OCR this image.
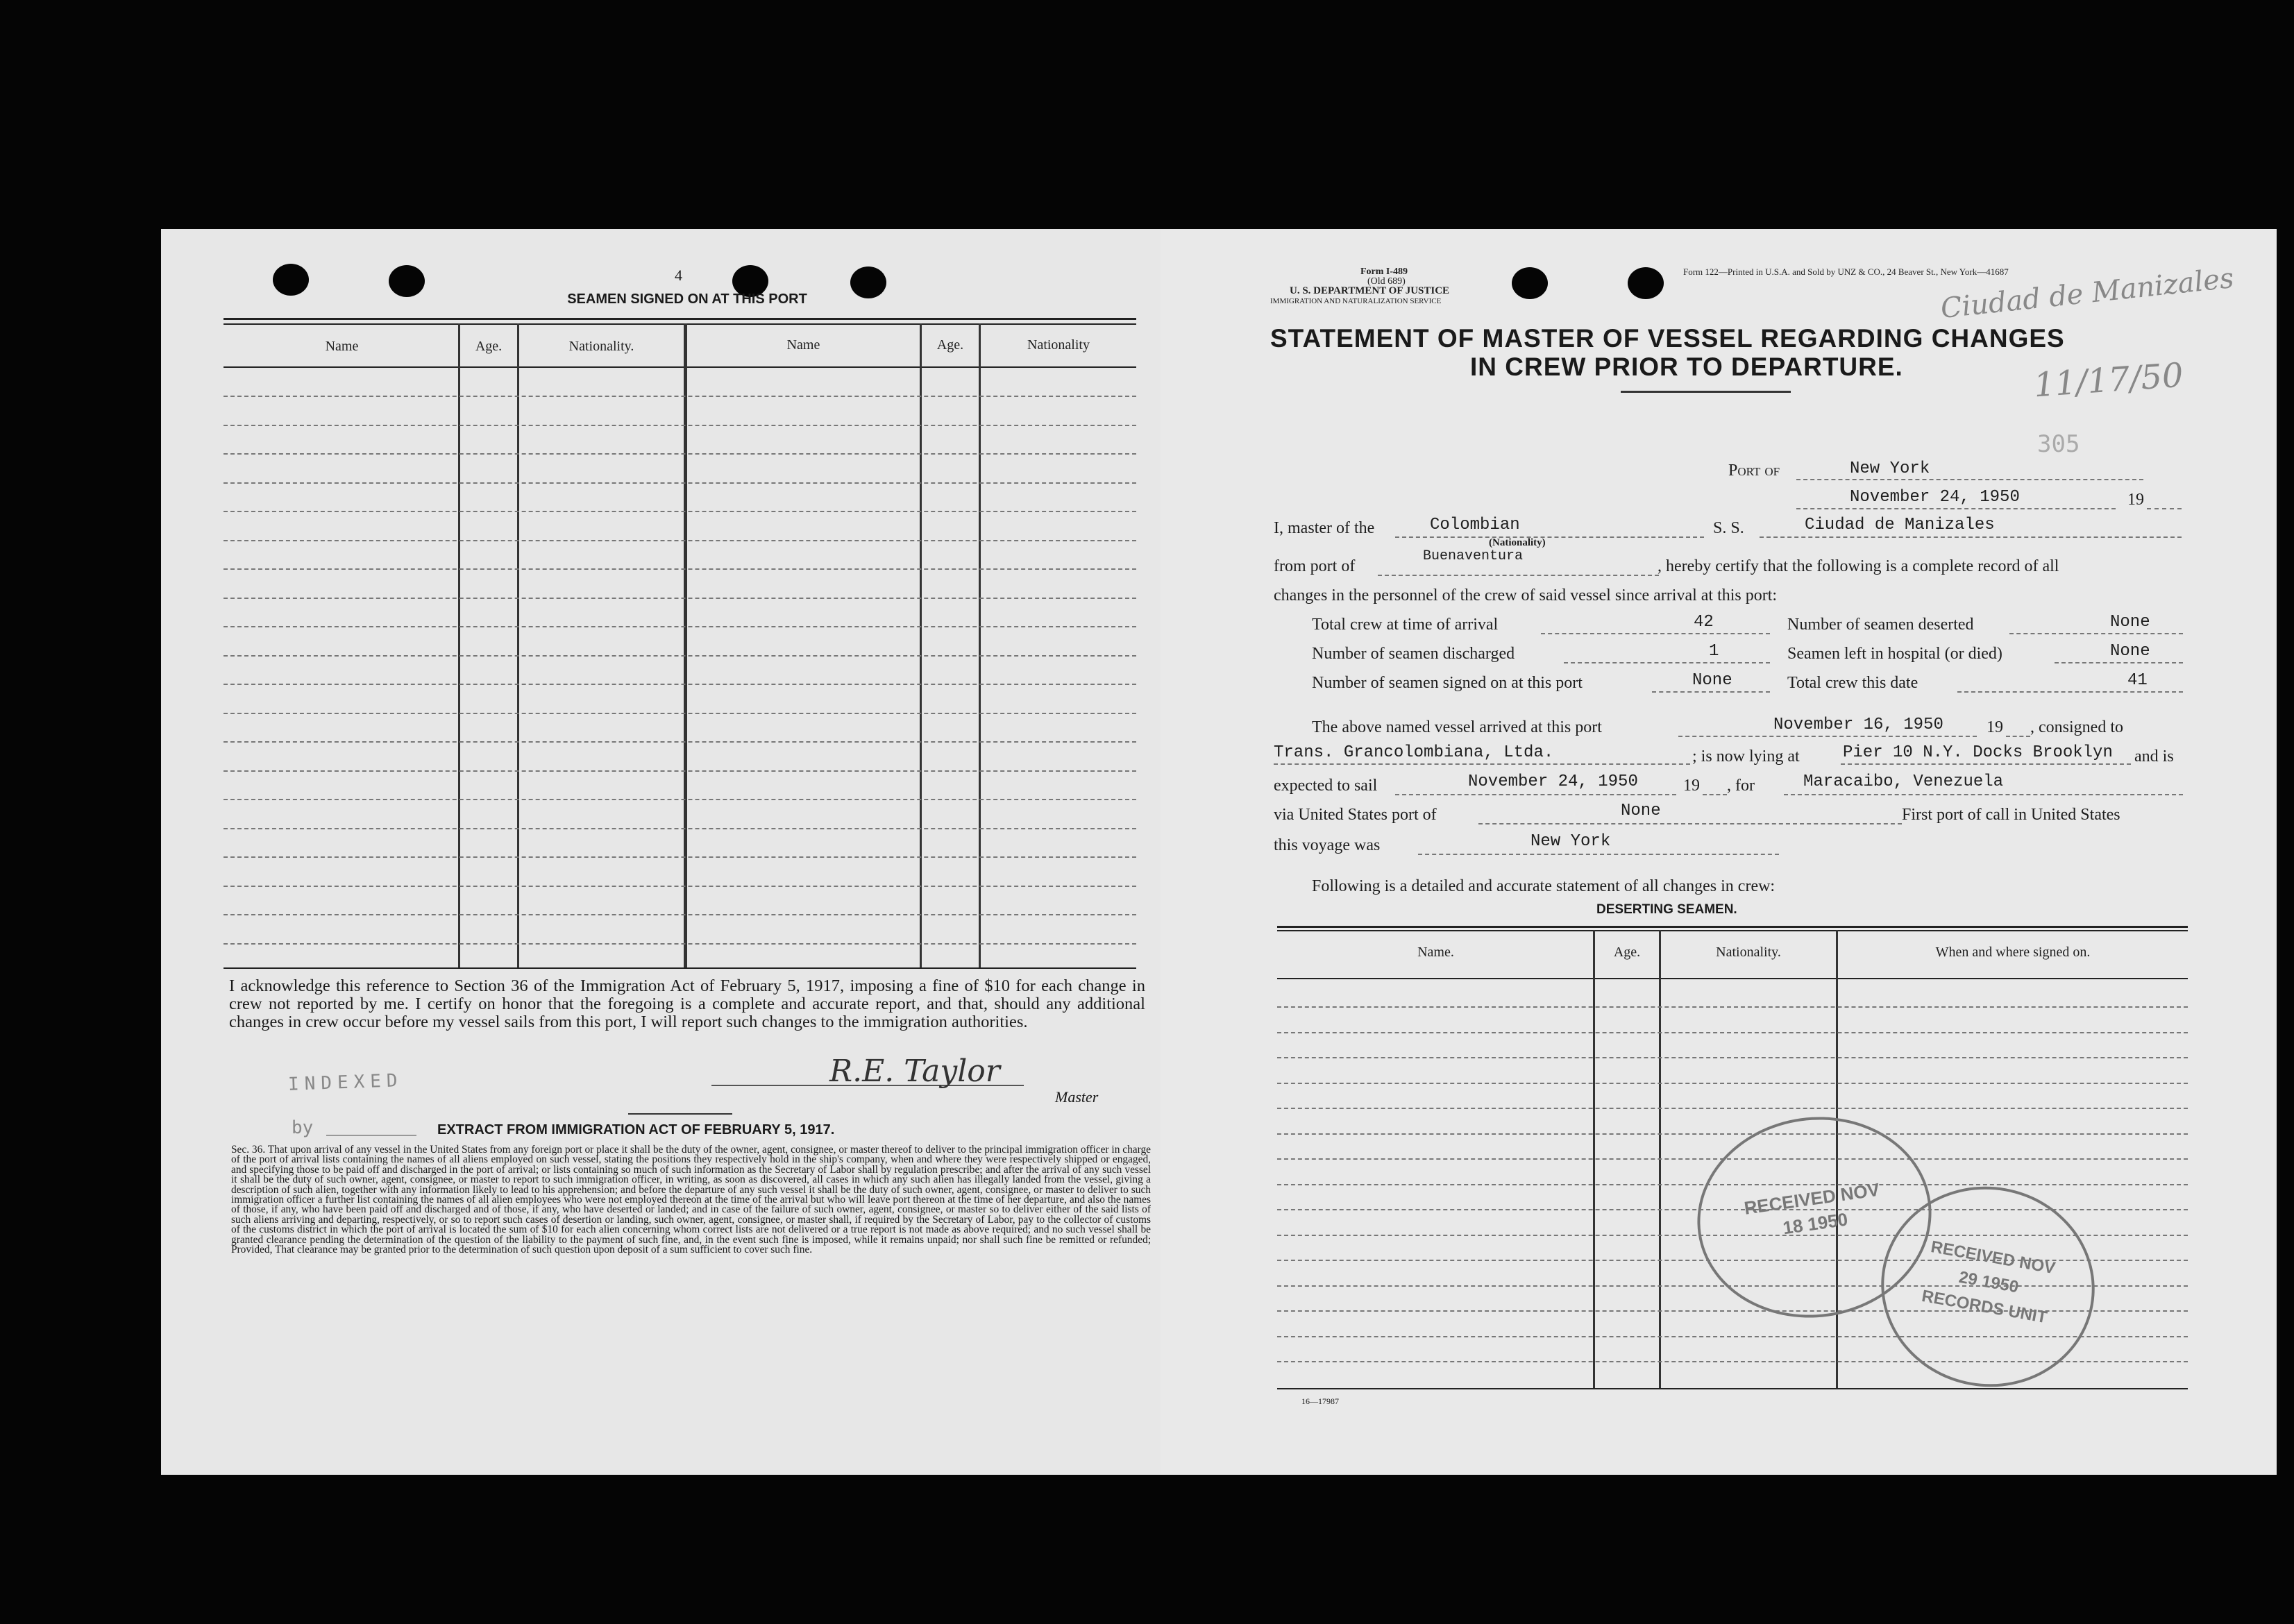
4
SEAMEN SIGNED ON AT THIS PORT
Name	Age.	Nationality.	Name	Age.	Nationality
I acknowledge this reference to Section 36 of the Immigration Act of February 5, 1917, imposing a fine of $10 for each change in crew not reported by me. I certify on honor that the foregoing is a complete and accurate report, and that, should any additional changes in crew occur before my vessel sails from this port, I will report such changes to the immigration authorities.
R.E. Taylor
Master
INDEXED
by	EXTRACT FROM IMMIGRATION ACT OF FEBRUARY 5, 1917.
Sec. 36. That upon arrival of any vessel in the United States from any foreign port or place it shall be the duty of the owner, agent, consignee, or master thereof to deliver to the principal immigration officer in charge of the port of arrival lists containing the names of all aliens employed on such vessel, stating the positions they respectively hold in the ship's company, when and where they were respectively shipped or engaged, and specifying those to be paid off and discharged in the port of arrival; or lists containing so much of such information as the Secretary of Labor shall by regulation prescribe; and after the arrival of any such vessel it shall be the duty of such owner, agent, consignee, or master to report to such immigration officer, in writing, as soon as discovered, all cases in which any such alien has illegally landed from the vessel, giving a description of such alien, together with any information likely to lead to his apprehension; and before the departure of any such vessel it shall be the duty of such owner, agent, consignee, or master to deliver to such immigration officer a further list containing the names of all alien employees who were not employed thereon at the time of the arrival but who will leave port thereon at the time of her departure, and also the names of those, if any, who have been paid off and discharged and of those, if any, who have deserted or landed; and in case of the failure of such owner, agent, consignee, or master so to deliver either of the said lists of such aliens arriving and departing, respectively, or so to report such cases of desertion or landing, such owner, agent, consignee, or master shall, if required by the Secretary of Labor, pay to the collector of customs of the customs district in which the port of arrival is located the sum of $10 for each alien concerning whom correct lists are not delivered or a true report is not made as above required; and no such vessel shall be granted clearance pending the determination of the question of the liability to the payment of such fine, and, in the event such fine is imposed, while it remains unpaid; nor shall such fine be remitted or refunded; Provided, That clearance may be granted prior to the determination of such question upon deposit of a sum sufficient to cover such fine.
Form I-489
(Old 689)
U. S. DEPARTMENT OF JUSTICE
IMMIGRATION AND NATURALIZATION SERVICE
Form 122—Printed in U.S.A. and Sold by UNZ & CO., 24 Beaver St., New York—41687
Ciudad de Manizales
11/17/50
305
STATEMENT OF MASTER OF VESSEL REGARDING CHANGES
IN CREW PRIOR TO DEPARTURE.
Port of	New York
November 24, 1950	19
I, master of the	Colombian
(Nationality)
S. S.	Ciudad de Manizales
from port of
Buenaventura
, hereby certify that the following is a complete record of all
changes in the personnel of the crew of said vessel since arrival at this port:
Total crew at time of arrival	42	Number of seamen deserted	None
Number of seamen discharged	1	Seamen left in hospital (or died)	None
Number of seamen signed on at this port	None	Total crew this date	41
The above named vessel arrived at this port	November 16, 1950	19 , consigned to
Trans. Grancolombiana, Ltda.	; is now lying at	Pier 10 N.Y. Docks Brooklyn and is
expected to sail	November 24, 1950	19 , for	Maracaibo, Venezuela
via United States port of	None	First port of call in United States
this voyage was	New York
Following is a detailed and accurate statement of all changes in crew:
DESERTING SEAMEN.
Name.	Age.	Nationality.	When and where signed on.
RECEIVED NOV 18 1950
RECEIVED NOV 29 1950 RECORDS UNIT
16—17987
